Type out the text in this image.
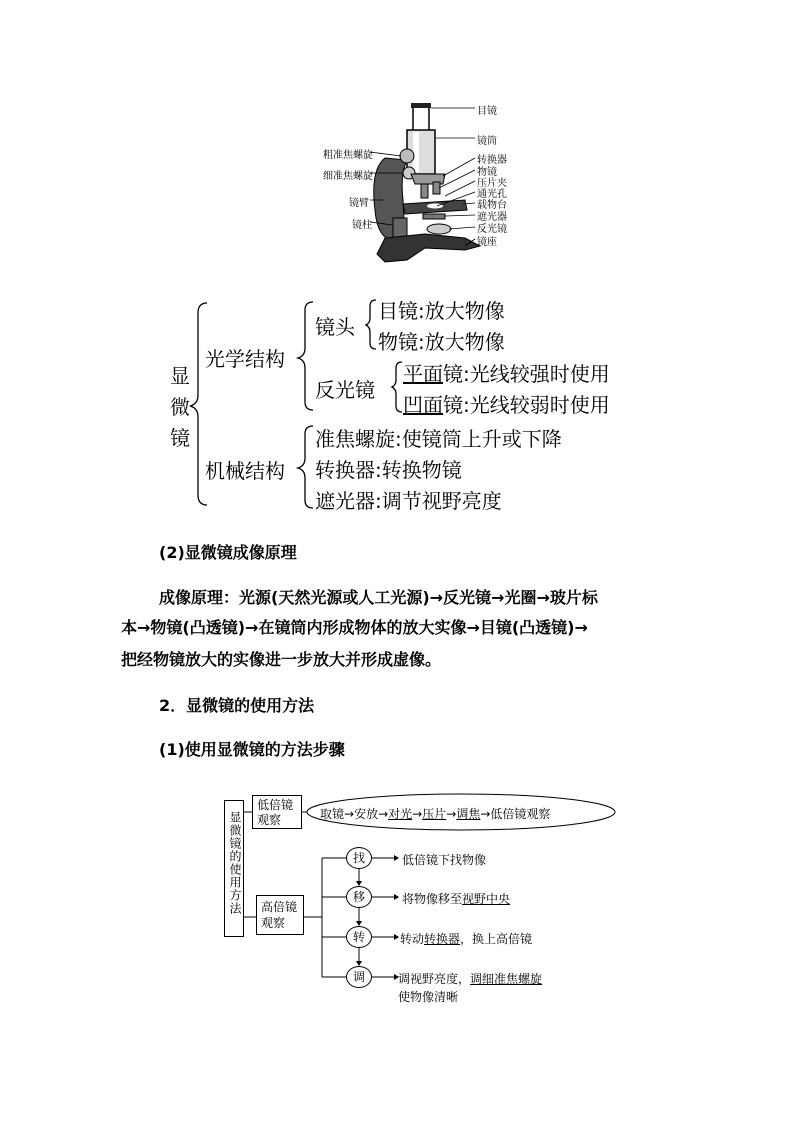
粗准焦螺旋
细准焦螺旋
镜臂
镜柱
目镜
镜筒
转换器
物镜
压片夹
通光孔
载物台
遮光器
反光镜
镜座
显
微
镜
光学结构
镜头
目镜:放大物像
物镜:放大物像
反光镜
平面镜:光线较强时使用
凹面镜:光线较弱时使用
机械结构
准焦螺旋:使镜筒上升或下降
转换器:转换物镜
遮光器:调节视野亮度
(2)显微镜成像原理
成像原理：光源(天然光源或人工光源)→反光镜→光圈→玻片标
本→物镜(凸透镜)→在镜筒内形成物体的放大实像→目镜(凸透镜)→
把经物镜放大的实像进一步放大并形成虚像。
2．显微镜的使用方法
(1)使用显微镜的方法步骤
显微镜的使用方法
低倍镜观察	取镜→安放→对光→压片→调焦→低倍镜观察
高倍镜观察
找
移
转
调
低倍镜下找物像
将物像移至视野中央
转动转换器，换上高倍镜
调视野亮度，调细准焦螺旋
使物像清晰
